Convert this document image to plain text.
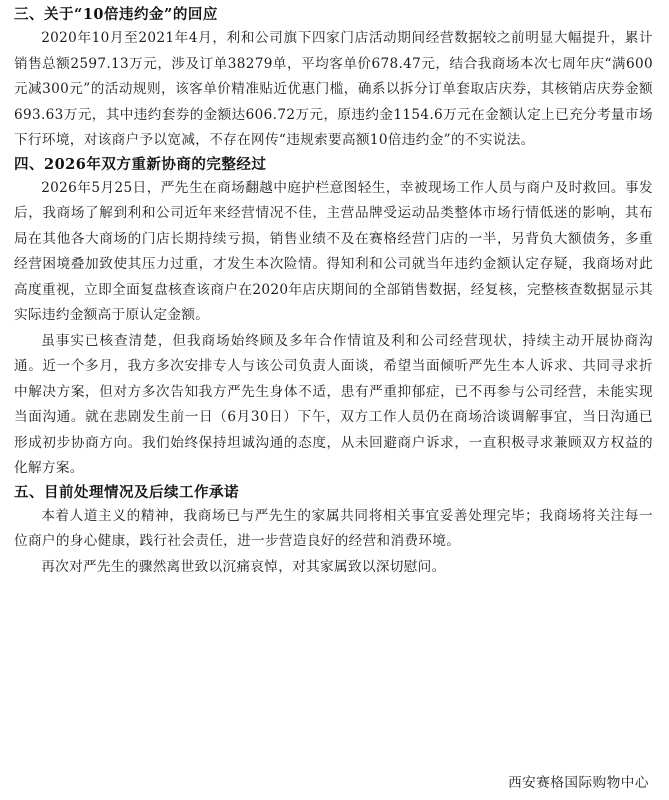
三、关于“10倍违约金”的回应

2020年10月至2021年4月，利和公司旗下四家门店活动期间经营数据较之前明显大幅提升，累计销售总额2597.13万元，涉及订单38279单，平均客单价678.47元，结合我商场本次七周年庆“满600元减300元”的活动规则，该客单价精准贴近优惠门槛，确系以拆分订单套取店庆券，其核销店庆券金额693.63万元，其中违约套券的金额达606.72万元，原违约金1154.6万元在金额认定上已充分考量市场下行环境，对该商户予以宽减，不存在网传“违规索要高额10倍违约金”的不实说法。

四、2026年双方重新协商的完整经过

2026年5月25日，严先生在商场翻越中庭护栏意图轻生，幸被现场工作人员与商户及时救回。事发后，我商场了解到利和公司近年来经营情况不佳，主营品牌受运动品类整体市场行情低迷的影响，其布局在其他各大商场的门店长期持续亏损，销售业绩不及在赛格经营门店的一半，另背负大额债务，多重经营困境叠加致使其压力过重，才发生本次险情。得知利和公司就当年违约金额认定存疑，我商场对此高度重视，立即全面复盘核查该商户在2020年店庆期间的全部销售数据，经复核，完整核查数据显示其实际违约金额高于原认定金额。

虽事实已核查清楚，但我商场始终顾及多年合作情谊及利和公司经营现状，持续主动开展协商沟通。近一个多月，我方多次安排专人与该公司负责人面谈，希望当面倾听严先生本人诉求、共同寻求折中解决方案，但对方多次告知我方严先生身体不适，患有严重抑郁症，已不再参与公司经营，未能实现当面沟通。就在悲剧发生前一日（6月30日）下午，双方工作人员仍在商场洽谈调解事宜，当日沟通已形成初步协商方向。我们始终保持坦诚沟通的态度，从未回避商户诉求，一直积极寻求兼顾双方权益的化解方案。

五、目前处理情况及后续工作承诺

本着人道主义的精神，我商场已与严先生的家属共同将相关事宜妥善处理完毕；我商场将关注每一位商户的身心健康，践行社会责任，进一步营造良好的经营和消费环境。

再次对严先生的骤然离世致以沉痛哀悼，对其家属致以深切慰问。

西安赛格国际购物中心
